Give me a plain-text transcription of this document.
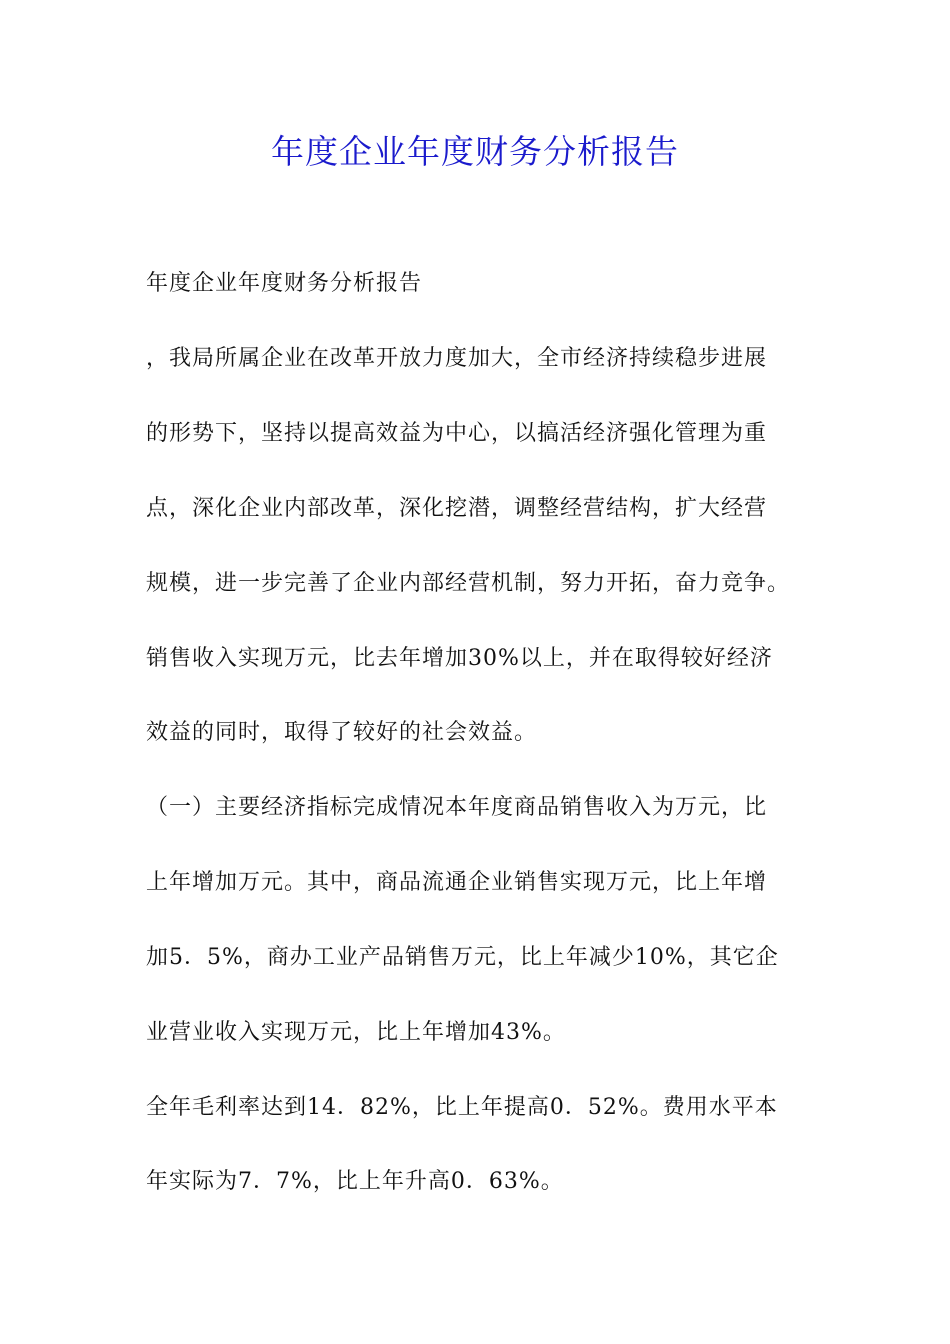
年度企业年度财务分析报告
年度企业年度财务分析报告
，我局所属企业在改革开放力度加大，全市经济持续稳步进展
的形势下，坚持以提高效益为中心，以搞活经济强化管理为重
点，深化企业内部改革，深化挖潜，调整经营结构，扩大经营
规模，进一步完善了企业内部经营机制，努力开拓，奋力竞争。
销售收入实现万元，比去年增加30%以上，并在取得较好经济
效益的同时，取得了较好的社会效益。
（一）主要经济指标完成情况本年度商品销售收入为万元，比
上年增加万元。其中，商品流通企业销售实现万元，比上年增
加5．5%，商办工业产品销售万元，比上年减少10%，其它企
业营业收入实现万元，比上年增加43%。
全年毛利率达到14．82%，比上年提高0．52%。费用水平本
年实际为7．7%，比上年升高0．63%。
